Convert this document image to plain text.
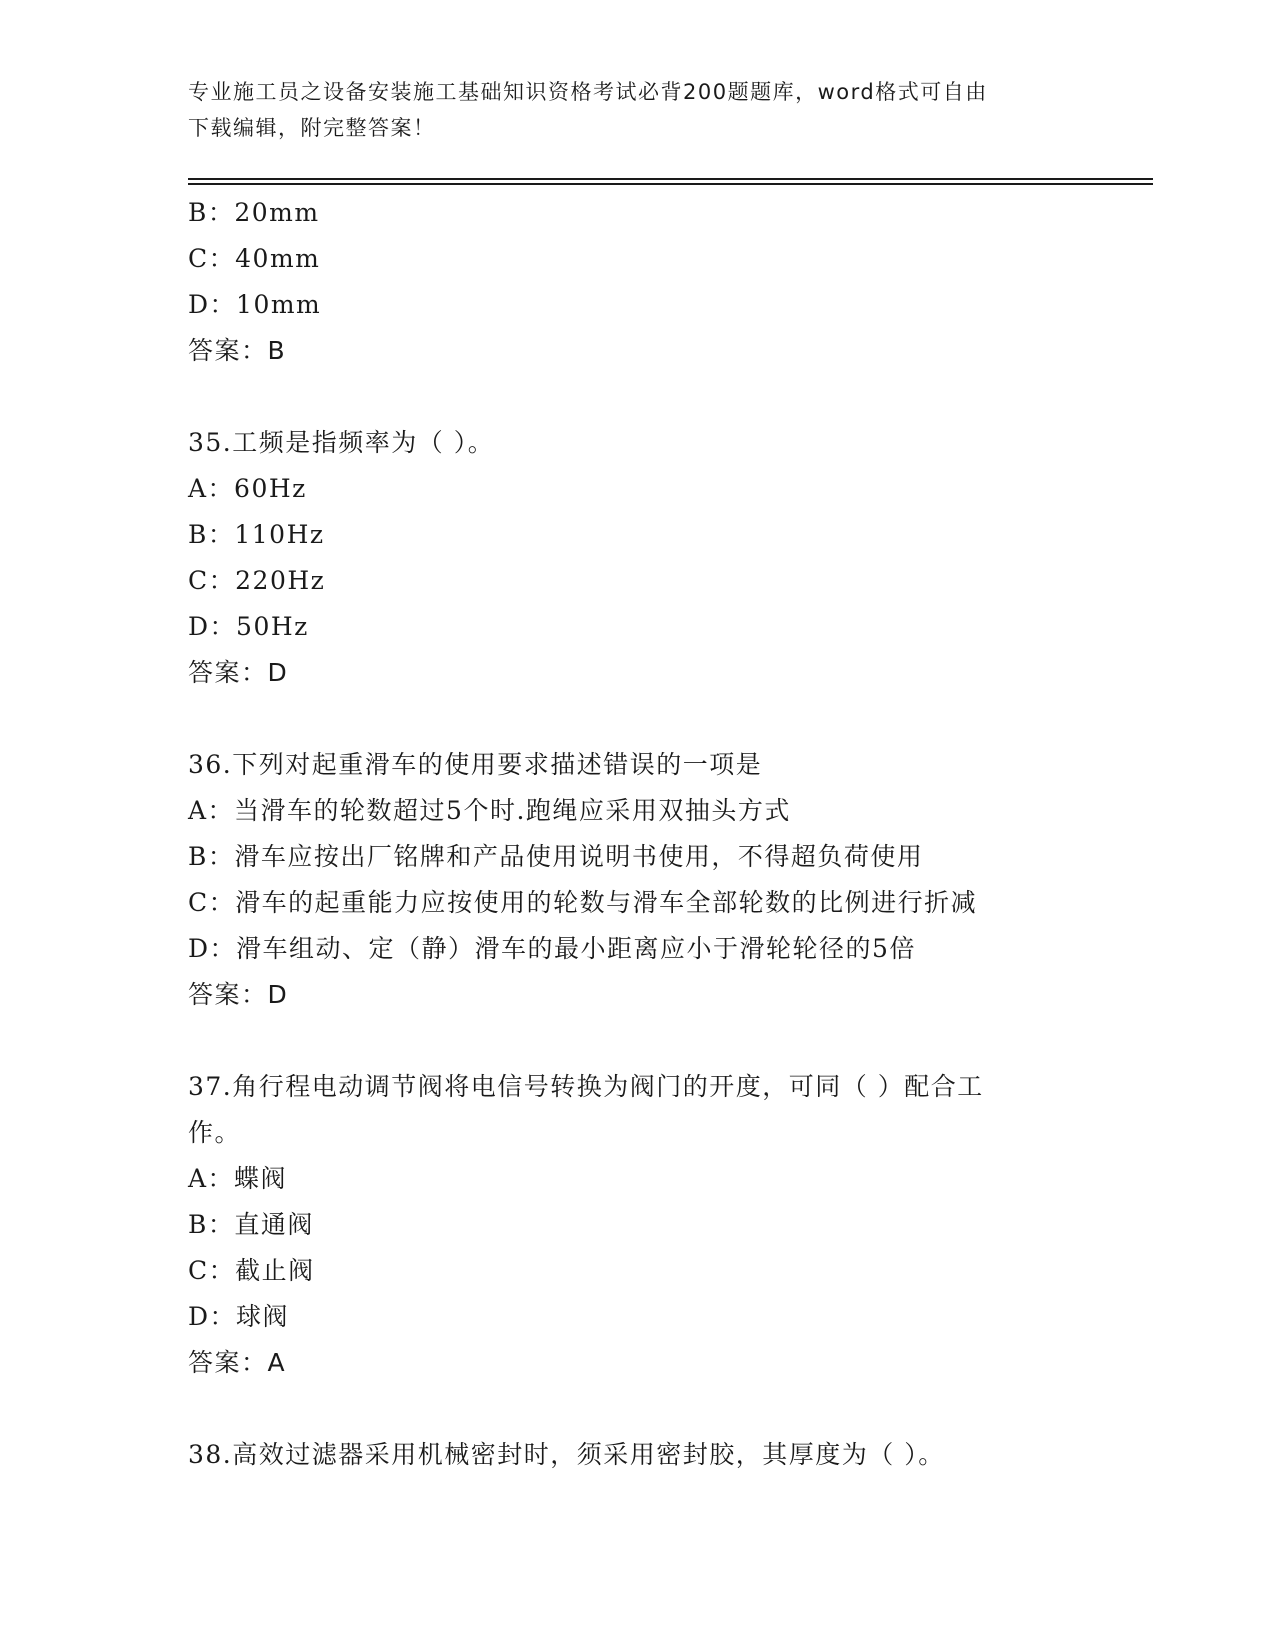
专业施工员之设备安装施工基础知识资格考试必背200题题库，word格式可自由
下载编辑，附完整答案！
B：20mm
C：40mm
D：10mm
答案：B
35.工频是指频率为（ ）。
A：60Hz
B：110Hz
C：220Hz
D：50Hz
答案：D
36.下列对起重滑车的使用要求描述错误的一项是
A：当滑车的轮数超过5个时.跑绳应采用双抽头方式
B：滑车应按出厂铭牌和产品使用说明书使用，不得超负荷使用
C：滑车的起重能力应按使用的轮数与滑车全部轮数的比例进行折减
D：滑车组动、定（静）滑车的最小距离应小于滑轮轮径的5倍
答案：D
37.角行程电动调节阀将电信号转换为阀门的开度，可同（ ）配合工
作。
A：蝶阀
B：直通阀
C：截止阀
D：球阀
答案：A
38.高效过滤器采用机械密封时，须采用密封胶，其厚度为（ ）。
